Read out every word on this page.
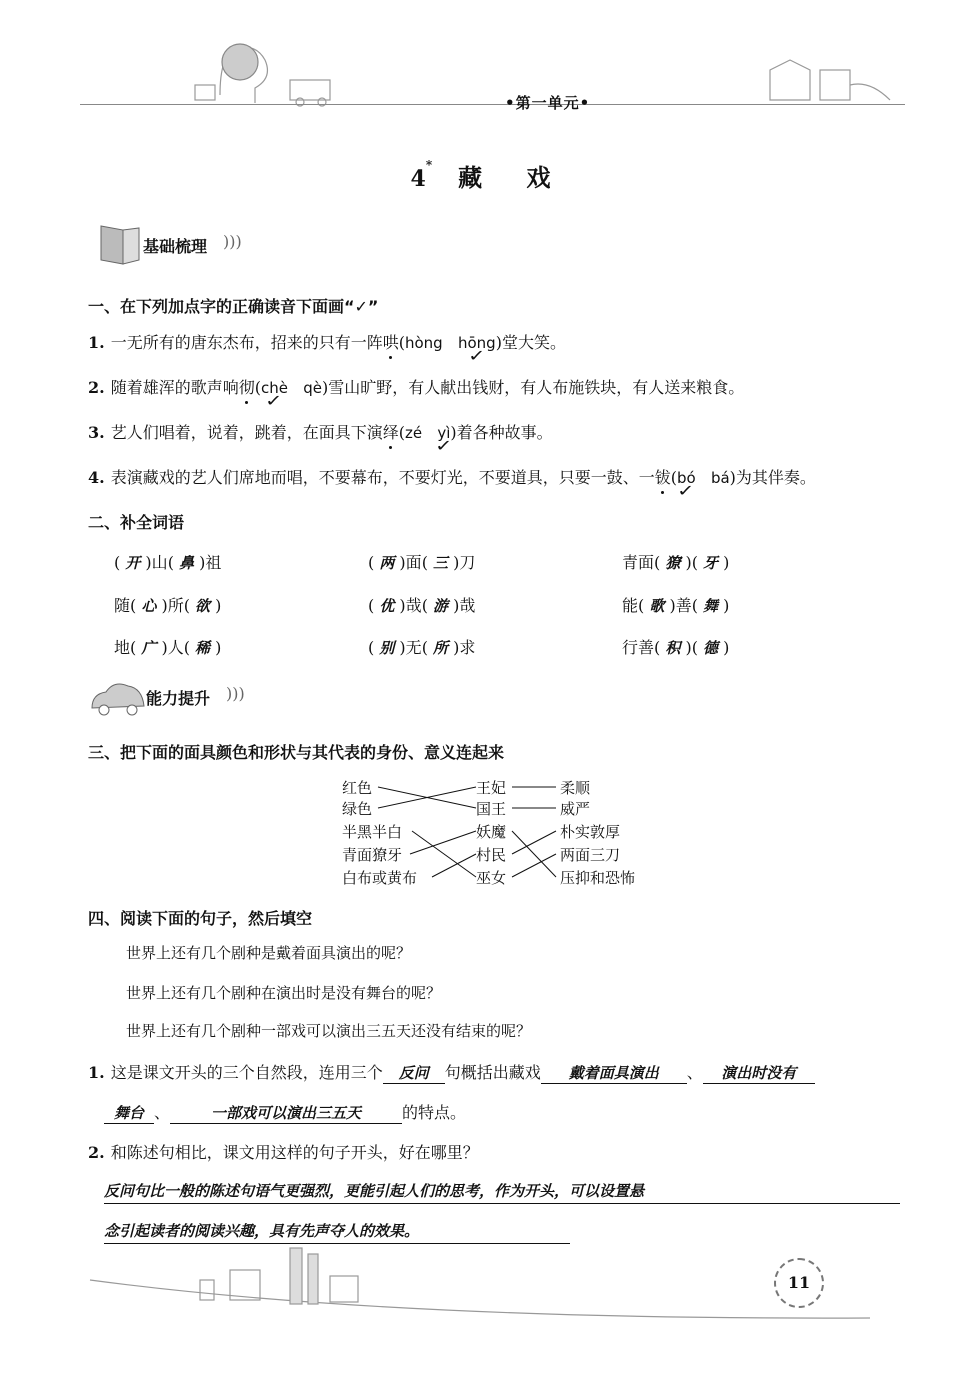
•第一单元•
4* 藏 戏
基础梳理 )))
一、在下列加点字的正确读音下面画“✓”
1. 一无所有的唐东杰布，招来的只有一阵哄(hòng hōng ✓)堂大笑。
2. 随着雄浑的歌声响彻(chè ✓ qè)雪山旷野，有人献出钱财，有人布施铁块，有人送来粮食。
3. 艺人们唱着，说着，跳着，在面具下演绎(zé yì ✓)着各种故事。
4. 表演藏戏的艺人们席地而唱，不要幕布，不要灯光，不要道具，只要一鼓、一钹(bó ✓ bá)为其伴奏。
二、补全词语
( 开 )山( 鼻 )祖	( 两 )面( 三 )刀	青面( 獠 )( 牙 )
随( 心 )所( 欲 )	( 优 )哉( 游 )哉	能( 歌 )善( 舞 )
地( 广 )人( 稀 )	( 别 )无( 所 )求	行善( 积 )( 德 )
能力提升 )))
三、把下面的面具颜色和形状与其代表的身份、意义连起来
红色
绿色
半黑半白
青面獠牙
白布或黄布
王妃
国王
妖魔
村民
巫女
柔顺
威严
朴实敦厚
两面三刀
压抑和恐怖
四、阅读下面的句子，然后填空
世界上还有几个剧种是戴着面具演出的呢？
世界上还有几个剧种在演出时是没有舞台的呢？
世界上还有几个剧种一部戏可以演出三五天还没有结束的呢？
1. 这是课文开头的三个自然段，连用三个 反问 句概括出藏戏 戴着面具演出 、 演出时没有
舞台 、	一部戏可以演出三五天	的特点。
2. 和陈述句相比，课文用这样的句子开头，好在哪里？
反问句比一般的陈述句语气更强烈，更能引起人们的思考，作为开头，可以设置悬
念引起读者的阅读兴趣，具有先声夺人的效果。
11
